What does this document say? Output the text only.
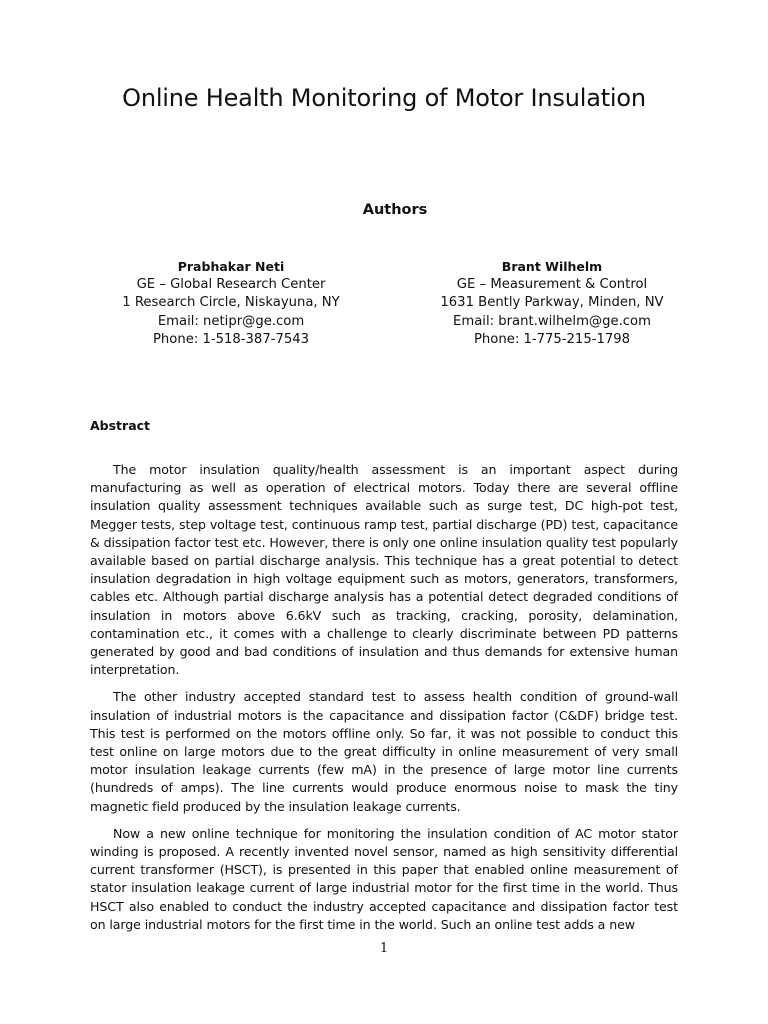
Online Health Monitoring of Motor Insulation
Authors
Prabhakar Neti
GE – Global Research Center
1 Research Circle, Niskayuna, NY
Email: netipr@ge.com
Phone: 1-518-387-7543
Brant Wilhelm
GE – Measurement & Control
1631 Bently Parkway, Minden, NV
Email: brant.wilhelm@ge.com
Phone: 1-775-215-1798
Abstract

The motor insulation quality/health assessment is an important aspect during manufacturing as well as operation of electrical motors. Today there are several offline insulation quality assessment techniques available such as surge test, DC high-pot test, Megger tests, step voltage test, continuous ramp test, partial discharge (PD) test, capacitance & dissipation factor test etc. However, there is only one online insulation quality test popularly available based on partial discharge analysis. This technique has a great potential to detect insulation degradation in high voltage equipment such as motors, generators, transformers, cables etc. Although partial discharge analysis has a potential detect degraded conditions of insulation in motors above 6.6kV such as tracking, cracking, porosity, delamination, contamination etc., it comes with a challenge to clearly discriminate between PD patterns generated by good and bad conditions of insulation and thus demands for extensive human interpretation.

The other industry accepted standard test to assess health condition of ground-wall insulation of industrial motors is the capacitance and dissipation factor (C&DF) bridge test. This test is performed on the motors offline only. So far, it was not possible to conduct this test online on large motors due to the great difficulty in online measurement of very small motor insulation leakage currents (few mA) in the presence of large motor line currents (hundreds of amps). The line currents would produce enormous noise to mask the tiny magnetic field produced by the insulation leakage currents.

Now a new online technique for monitoring the insulation condition of AC motor stator winding is proposed. A recently invented novel sensor, named as high sensitivity differential current transformer (HSCT), is presented in this paper that enabled online measurement of stator insulation leakage current of large industrial motor for the first time in the world. Thus HSCT also enabled to conduct the industry accepted capacitance and dissipation factor test on large industrial motors for the first time in the world. Such an online test adds a new

1
